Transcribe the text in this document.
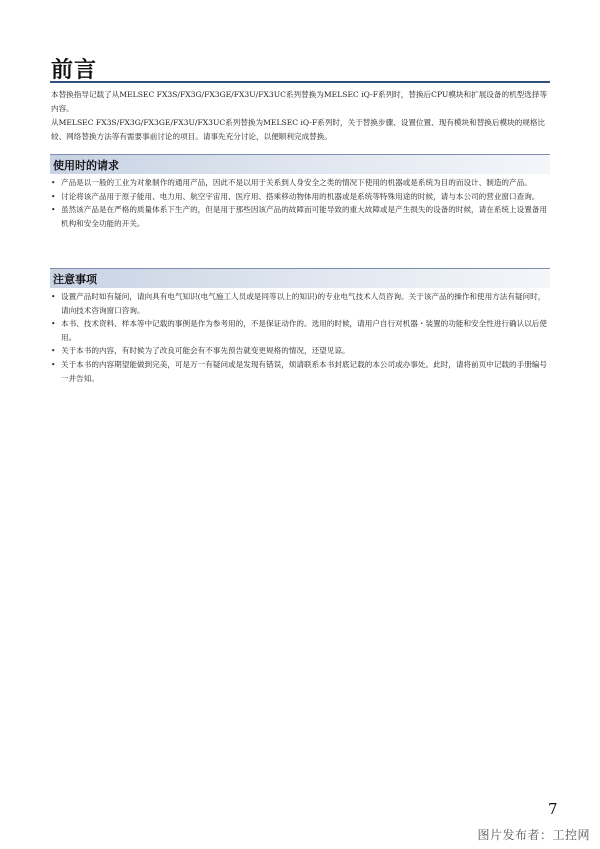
前言

本替换指导记载了从MELSEC FX3S/FX3G/FX3GE/FX3U/FX3UC系列替换为MELSEC iQ-F系列时，替换后CPU模块和扩展设备的机型选择等内容。

从MELSEC FX3S/FX3G/FX3GE/FX3U/FX3UC系列替换为MELSEC iQ-F系列时，关于替换步骤、设置位置、现有模块和替换后模块的规格比较、网络替换方法等有需要事前讨论的项目。请事先充分讨论，以便顺利完成替换。

使用时的请求
• 产品是以一般的工业为对象制作的通用产品，因此不是以用于关系到人身安全之类的情况下使用的机器或是系统为目的而设计、制造的产品。
• 讨论将该产品用于原子能用、电力用、航空宇宙用、医疗用、搭乘移动物体用的机器或是系统等特殊用途的时候，请与本公司的营业窗口查询。
• 虽然该产品是在严格的质量体系下生产的，但是用于那些因该产品的故障而可能导致的重大故障或是产生损失的设备的时候，请在系统上设置备用机构和安全功能的开关。
注意事项
• 设置产品时如有疑问，请向具有电气知识(电气施工人员或是同等以上的知识)的专业电气技术人员咨询。关于该产品的操作和使用方法有疑问时，请向技术咨询窗口咨询。
• 本书、技术资料、样本等中记载的事例是作为参考用的，不是保证动作的。选用的时候，请用户自行对机器・装置的功能和安全性进行确认以后使用。
• 关于本书的内容，有时候为了改良可能会有不事先预告就变更规格的情况，还望见谅。
• 关于本书的内容期望能做到完美，可是万一有疑问或是发现有错误，烦请联系本书封底记载的本公司或办事处。此时，请将前页中记载的手册编号一并告知。
7
图片发布者：工控网
